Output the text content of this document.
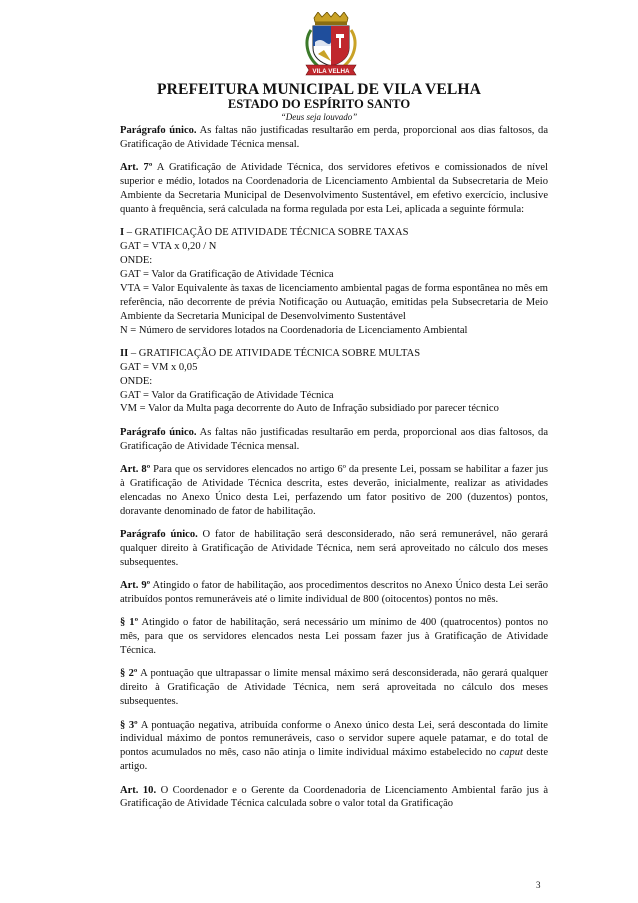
VILA VELHA
PREFEITURA MUNICIPAL DE VILA VELHA
ESTADO DO ESPÍRITO SANTO
“Deus seja louvado”

Parágrafo único. As faltas não justificadas resultarão em perda, proporcional aos dias faltosos, da Gratificação de Atividade Técnica mensal.

Art. 7º A Gratificação de Atividade Técnica, dos servidores efetivos e comissionados de nível superior e médio, lotados na Coordenadoria de Licenciamento Ambiental da Subsecretaria de Meio Ambiente da Secretaria Municipal de Desenvolvimento Sustentável, em efetivo exercício, inclusive quanto à frequência, será calculada na forma regulada por esta Lei, aplicada a seguinte fórmula:

I – GRATIFICAÇÃO DE ATIVIDADE TÉCNICA SOBRE TAXAS
GAT = VTA x 0,20 / N
ONDE:
GAT = Valor da Gratificação de Atividade Técnica
VTA = Valor Equivalente às taxas de licenciamento ambiental pagas de forma espontânea no mês em referência, não decorrente de prévia Notificação ou Autuação, emitidas pela Subsecretaria de Meio Ambiente da Secretaria Municipal de Desenvolvimento Sustentável
N = Número de servidores lotados na Coordenadoria de Licenciamento Ambiental
II – GRATIFICAÇÃO DE ATIVIDADE TÉCNICA SOBRE MULTAS
GAT = VM x 0,05
ONDE:
GAT = Valor da Gratificação de Atividade Técnica
VM = Valor da Multa paga decorrente do Auto de Infração subsidiado por parecer técnico

Parágrafo único. As faltas não justificadas resultarão em perda, proporcional aos dias faltosos, da Gratificação de Atividade Técnica mensal.

Art. 8º Para que os servidores elencados no artigo 6º da presente Lei, possam se habilitar a fazer jus à Gratificação de Atividade Técnica descrita, estes deverão, inicialmente, realizar as atividades elencadas no Anexo Único desta Lei, perfazendo um fator positivo de 200 (duzentos) pontos, doravante denominado de fator de habilitação.

Parágrafo único. O fator de habilitação será desconsiderado, não será remunerável, não gerará qualquer direito à Gratificação de Atividade Técnica, nem será aproveitado no cálculo dos meses subsequentes.

Art. 9º Atingido o fator de habilitação, aos procedimentos descritos no Anexo Único desta Lei serão atribuídos pontos remuneráveis até o limite individual de 800 (oitocentos) pontos no mês.

§ 1º Atingido o fator de habilitação, será necessário um mínimo de 400 (quatrocentos) pontos no mês, para que os servidores elencados nesta Lei possam fazer jus à Gratificação de Atividade Técnica.

§ 2º A pontuação que ultrapassar o limite mensal máximo será desconsiderada, não gerará qualquer direito à Gratificação de Atividade Técnica, nem será aproveitada no cálculo dos meses subsequentes.

§ 3º A pontuação negativa, atribuída conforme o Anexo único desta Lei, será descontada do limite individual máximo de pontos remuneráveis, caso o servidor supere aquele patamar, e do total de pontos acumulados no mês, caso não atinja o limite individual máximo estabelecido no caput deste artigo.

Art. 10. O Coordenador e o Gerente da Coordenadoria de Licenciamento Ambiental farão jus à Gratificação de Atividade Técnica calculada sobre o valor total da Gratificação

3
